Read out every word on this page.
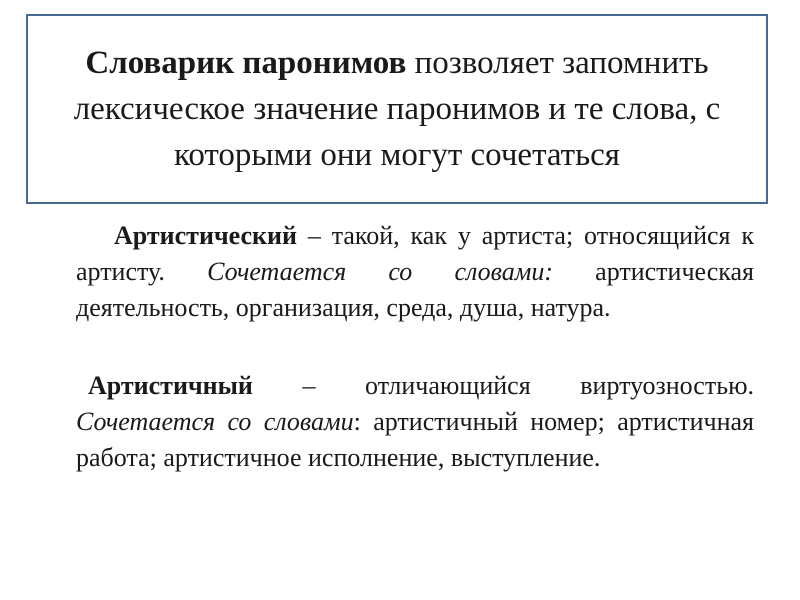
Словарик паронимов позволяет запомнить лексическое значение паронимов и те слова, с которыми они могут сочетаться
Артистический – такой, как у артиста; относящийся к артисту. Сочетается со словами: артистическая деятельность, организация, среда, душа, натура.
Артистичный – отличающийся виртуозностью. Сочетается со словами: артистичный номер; артистичная работа; артистичное исполнение, выступление.
